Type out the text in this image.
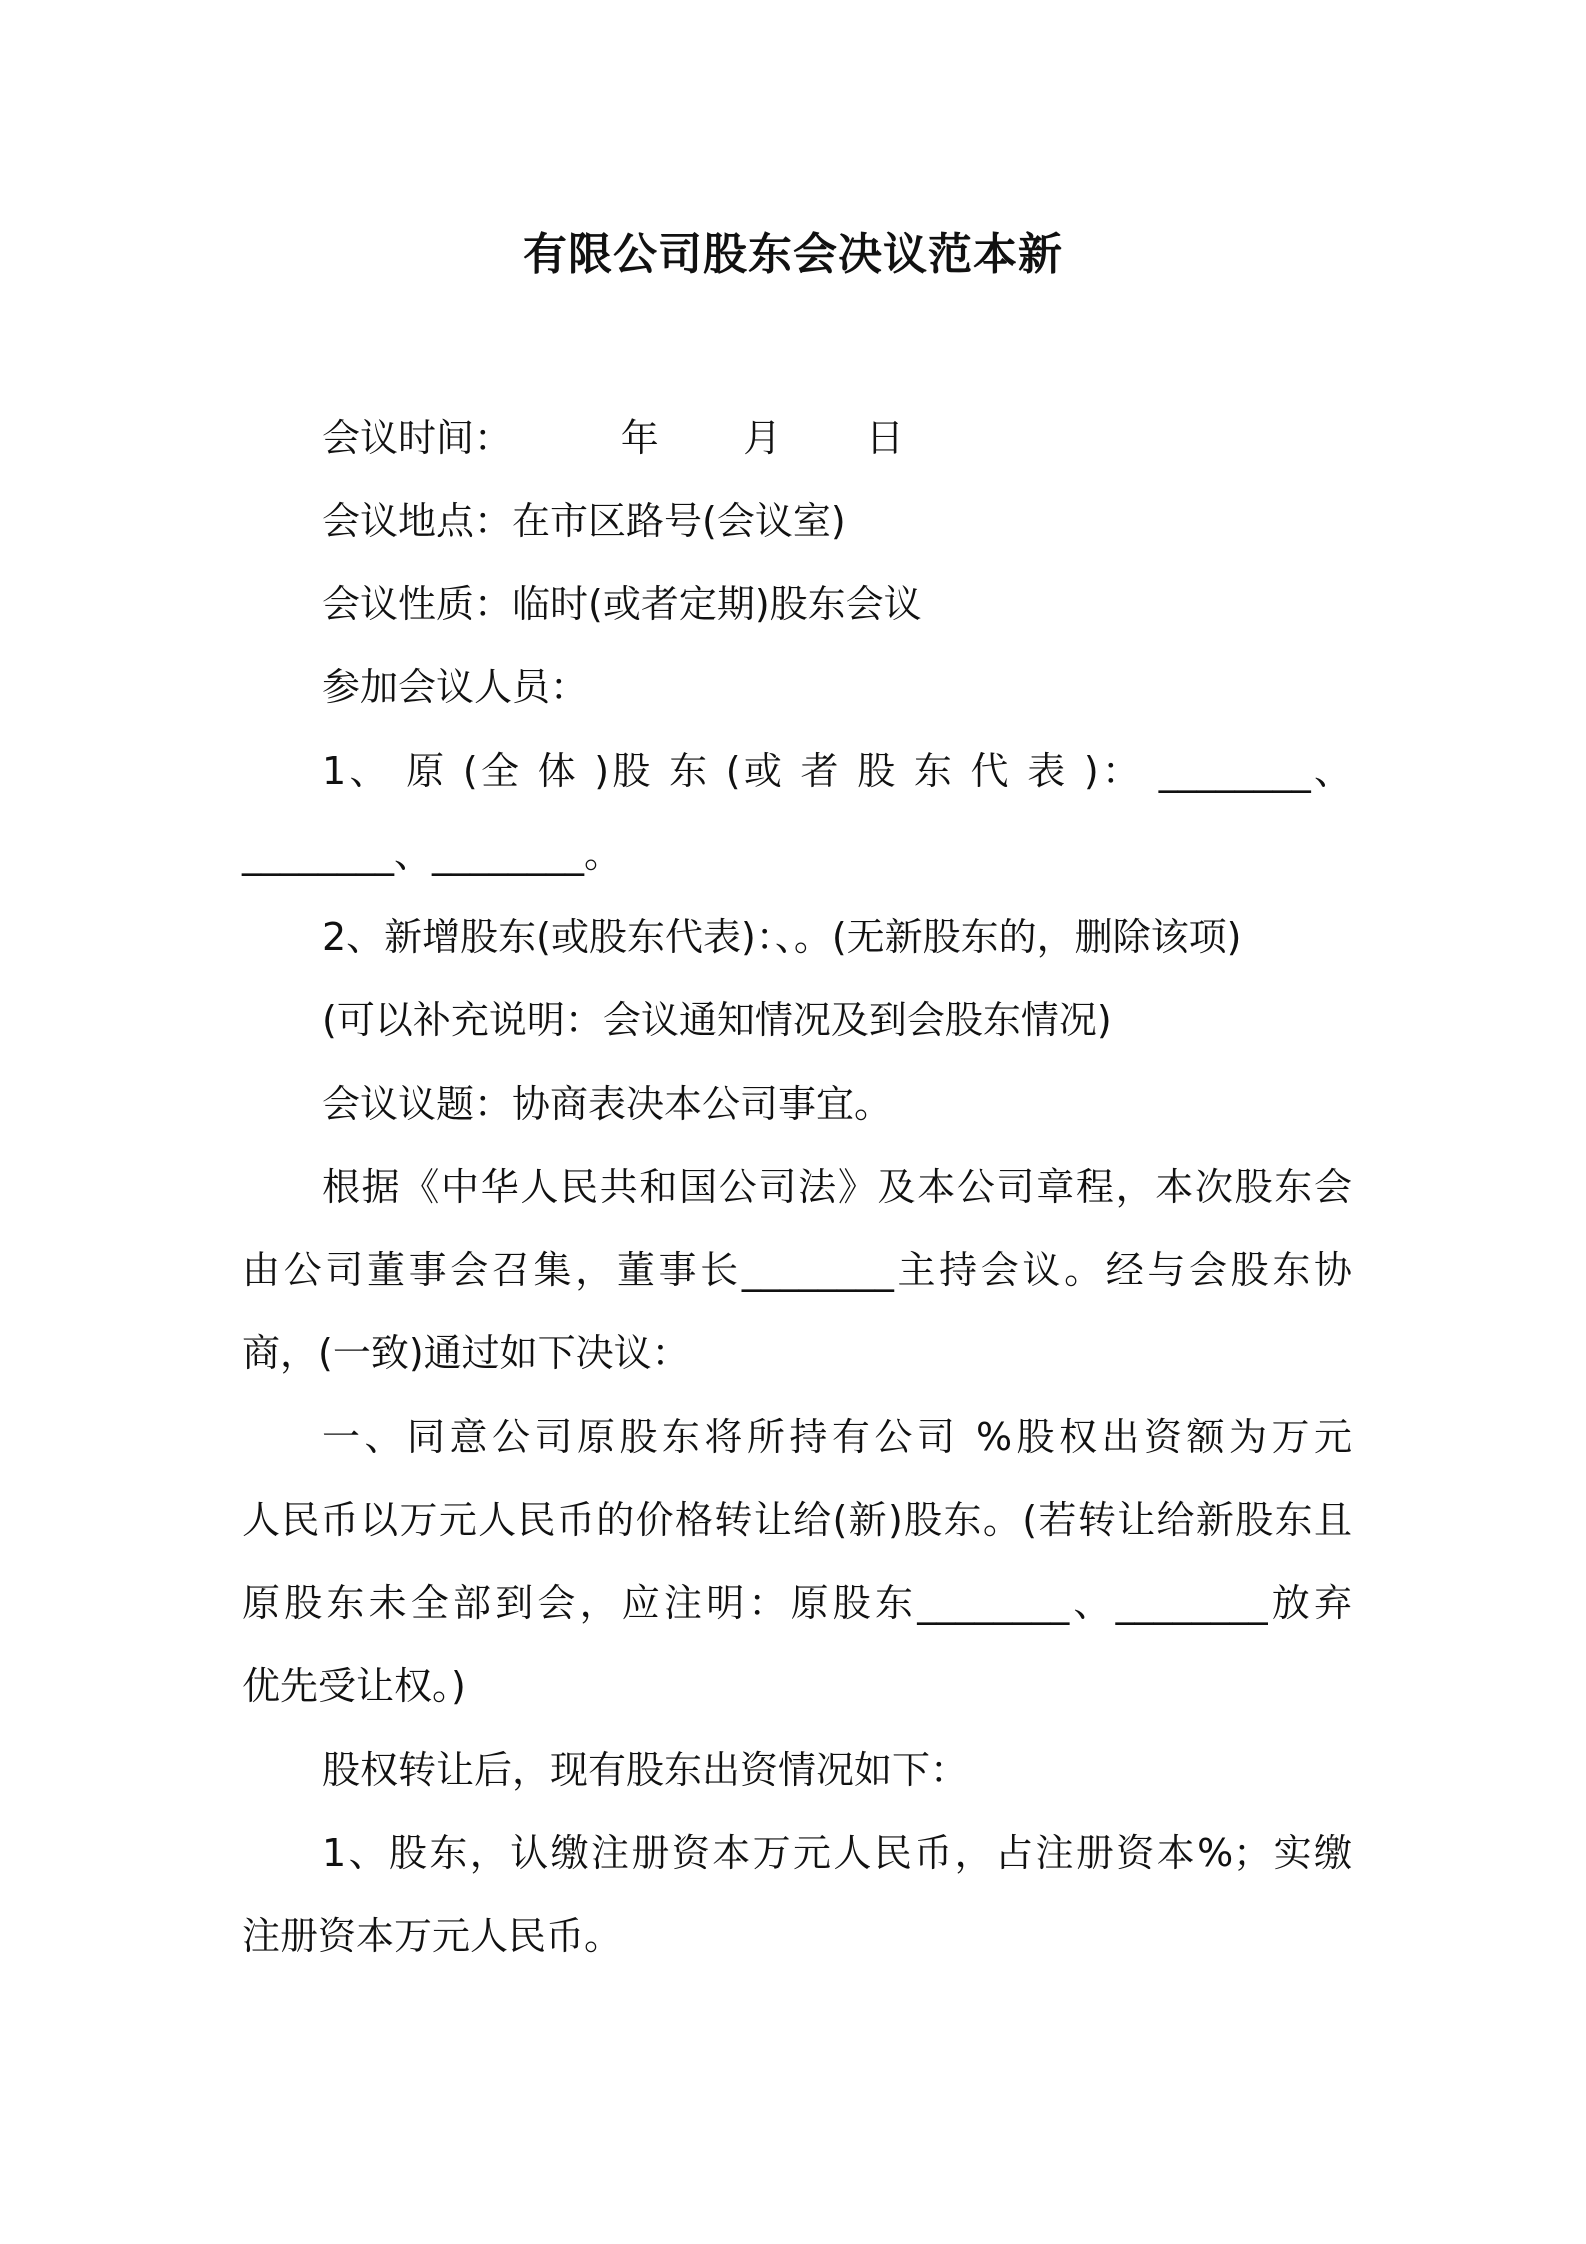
有限公司股东会决议范本新
会议时间：         年       月       日
会议地点：在市区路号(会议室)
会议性质：临时(或者定期)股东会议
参加会议人员：
1、 原 (全 体 )股 东 (或 者 股 东 代 表 )： ________、
________、________。
2、新增股东(或股东代表)：、。(无新股东的，删除该项)
(可以补充说明：会议通知情况及到会股东情况)
会议议题：协商表决本公司事宜。
根据《中华人民共和国公司法》及本公司章程，本次股东会
由公司董事会召集，董事长________主持会议。经与会股东协
商，(一致)通过如下决议：
一、同意公司原股东将所持有公司 %股权出资额为万元
人民币以万元人民币的价格转让给(新)股东。(若转让给新股东且
原股东未全部到会，应注明：原股东________、________放弃
优先受让权。)
股权转让后，现有股东出资情况如下：
1、股东，认缴注册资本万元人民币，占注册资本%；实缴
注册资本万元人民币。
